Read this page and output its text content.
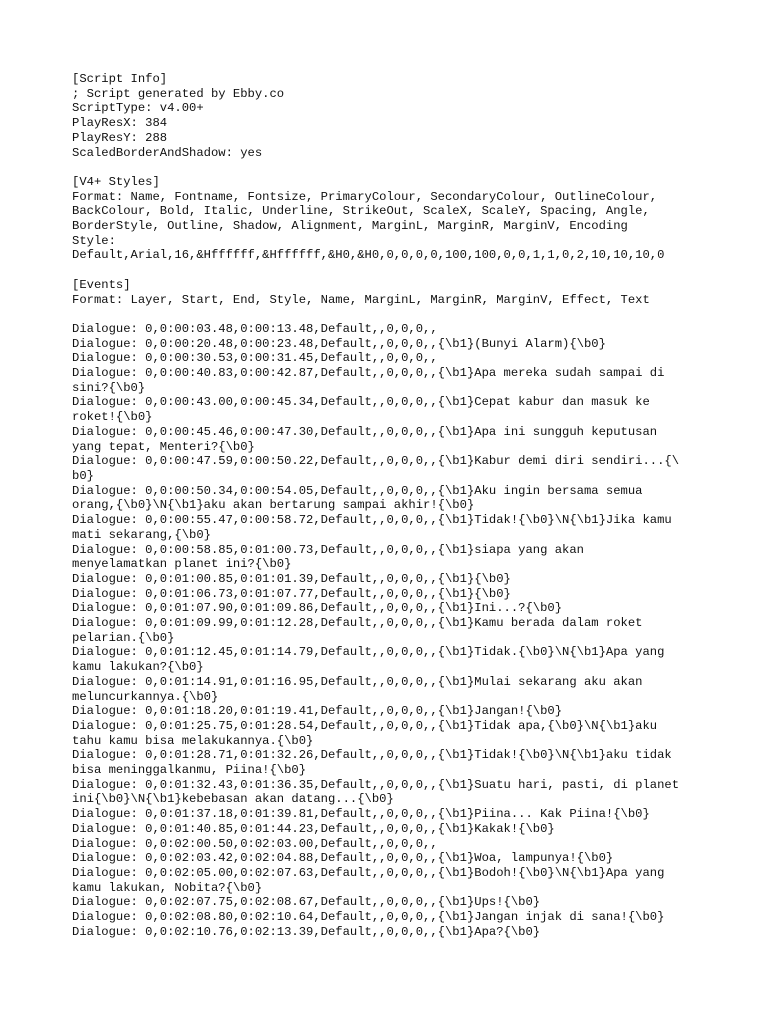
[Script Info]
; Script generated by Ebby.co
ScriptType: v4.00+
PlayResX: 384
PlayResY: 288
ScaledBorderAndShadow: yes

[V4+ Styles]
Format: Name, Fontname, Fontsize, PrimaryColour, SecondaryColour, OutlineColour,
BackColour, Bold, Italic, Underline, StrikeOut, ScaleX, ScaleY, Spacing, Angle,
BorderStyle, Outline, Shadow, Alignment, MarginL, MarginR, MarginV, Encoding
Style:
Default,Arial,16,&Hffffff,&Hffffff,&H0,&H0,0,0,0,0,100,100,0,0,1,1,0,2,10,10,10,0

[Events]
Format: Layer, Start, End, Style, Name, MarginL, MarginR, MarginV, Effect, Text

Dialogue: 0,0:00:03.48,0:00:13.48,Default,,0,0,0,,
Dialogue: 0,0:00:20.48,0:00:23.48,Default,,0,0,0,,{\b1}(Bunyi Alarm){\b0}
Dialogue: 0,0:00:30.53,0:00:31.45,Default,,0,0,0,,
Dialogue: 0,0:00:40.83,0:00:42.87,Default,,0,0,0,,{\b1}Apa mereka sudah sampai di
sini?{\b0}
Dialogue: 0,0:00:43.00,0:00:45.34,Default,,0,0,0,,{\b1}Cepat kabur dan masuk ke
roket!{\b0}
Dialogue: 0,0:00:45.46,0:00:47.30,Default,,0,0,0,,{\b1}Apa ini sungguh keputusan
yang tepat, Menteri?{\b0}
Dialogue: 0,0:00:47.59,0:00:50.22,Default,,0,0,0,,{\b1}Kabur demi diri sendiri...{\
b0}
Dialogue: 0,0:00:50.34,0:00:54.05,Default,,0,0,0,,{\b1}Aku ingin bersama semua
orang,{\b0}\N{\b1}aku akan bertarung sampai akhir!{\b0}
Dialogue: 0,0:00:55.47,0:00:58.72,Default,,0,0,0,,{\b1}Tidak!{\b0}\N{\b1}Jika kamu
mati sekarang,{\b0}
Dialogue: 0,0:00:58.85,0:01:00.73,Default,,0,0,0,,{\b1}siapa yang akan
menyelamatkan planet ini?{\b0}
Dialogue: 0,0:01:00.85,0:01:01.39,Default,,0,0,0,,{\b1}{\b0}
Dialogue: 0,0:01:06.73,0:01:07.77,Default,,0,0,0,,{\b1}{\b0}
Dialogue: 0,0:01:07.90,0:01:09.86,Default,,0,0,0,,{\b1}Ini...?{\b0}
Dialogue: 0,0:01:09.99,0:01:12.28,Default,,0,0,0,,{\b1}Kamu berada dalam roket
pelarian.{\b0}
Dialogue: 0,0:01:12.45,0:01:14.79,Default,,0,0,0,,{\b1}Tidak.{\b0}\N{\b1}Apa yang
kamu lakukan?{\b0}
Dialogue: 0,0:01:14.91,0:01:16.95,Default,,0,0,0,,{\b1}Mulai sekarang aku akan
meluncurkannya.{\b0}
Dialogue: 0,0:01:18.20,0:01:19.41,Default,,0,0,0,,{\b1}Jangan!{\b0}
Dialogue: 0,0:01:25.75,0:01:28.54,Default,,0,0,0,,{\b1}Tidak apa,{\b0}\N{\b1}aku
tahu kamu bisa melakukannya.{\b0}
Dialogue: 0,0:01:28.71,0:01:32.26,Default,,0,0,0,,{\b1}Tidak!{\b0}\N{\b1}aku tidak
bisa meninggalkanmu, Piina!{\b0}
Dialogue: 0,0:01:32.43,0:01:36.35,Default,,0,0,0,,{\b1}Suatu hari, pasti, di planet
ini{\b0}\N{\b1}kebebasan akan datang...{\b0}
Dialogue: 0,0:01:37.18,0:01:39.81,Default,,0,0,0,,{\b1}Piina... Kak Piina!{\b0}
Dialogue: 0,0:01:40.85,0:01:44.23,Default,,0,0,0,,{\b1}Kakak!{\b0}
Dialogue: 0,0:02:00.50,0:02:03.00,Default,,0,0,0,,
Dialogue: 0,0:02:03.42,0:02:04.88,Default,,0,0,0,,{\b1}Woa, lampunya!{\b0}
Dialogue: 0,0:02:05.00,0:02:07.63,Default,,0,0,0,,{\b1}Bodoh!{\b0}\N{\b1}Apa yang
kamu lakukan, Nobita?{\b0}
Dialogue: 0,0:02:07.75,0:02:08.67,Default,,0,0,0,,{\b1}Ups!{\b0}
Dialogue: 0,0:02:08.80,0:02:10.64,Default,,0,0,0,,{\b1}Jangan injak di sana!{\b0}
Dialogue: 0,0:02:10.76,0:02:13.39,Default,,0,0,0,,{\b1}Apa?{\b0}
